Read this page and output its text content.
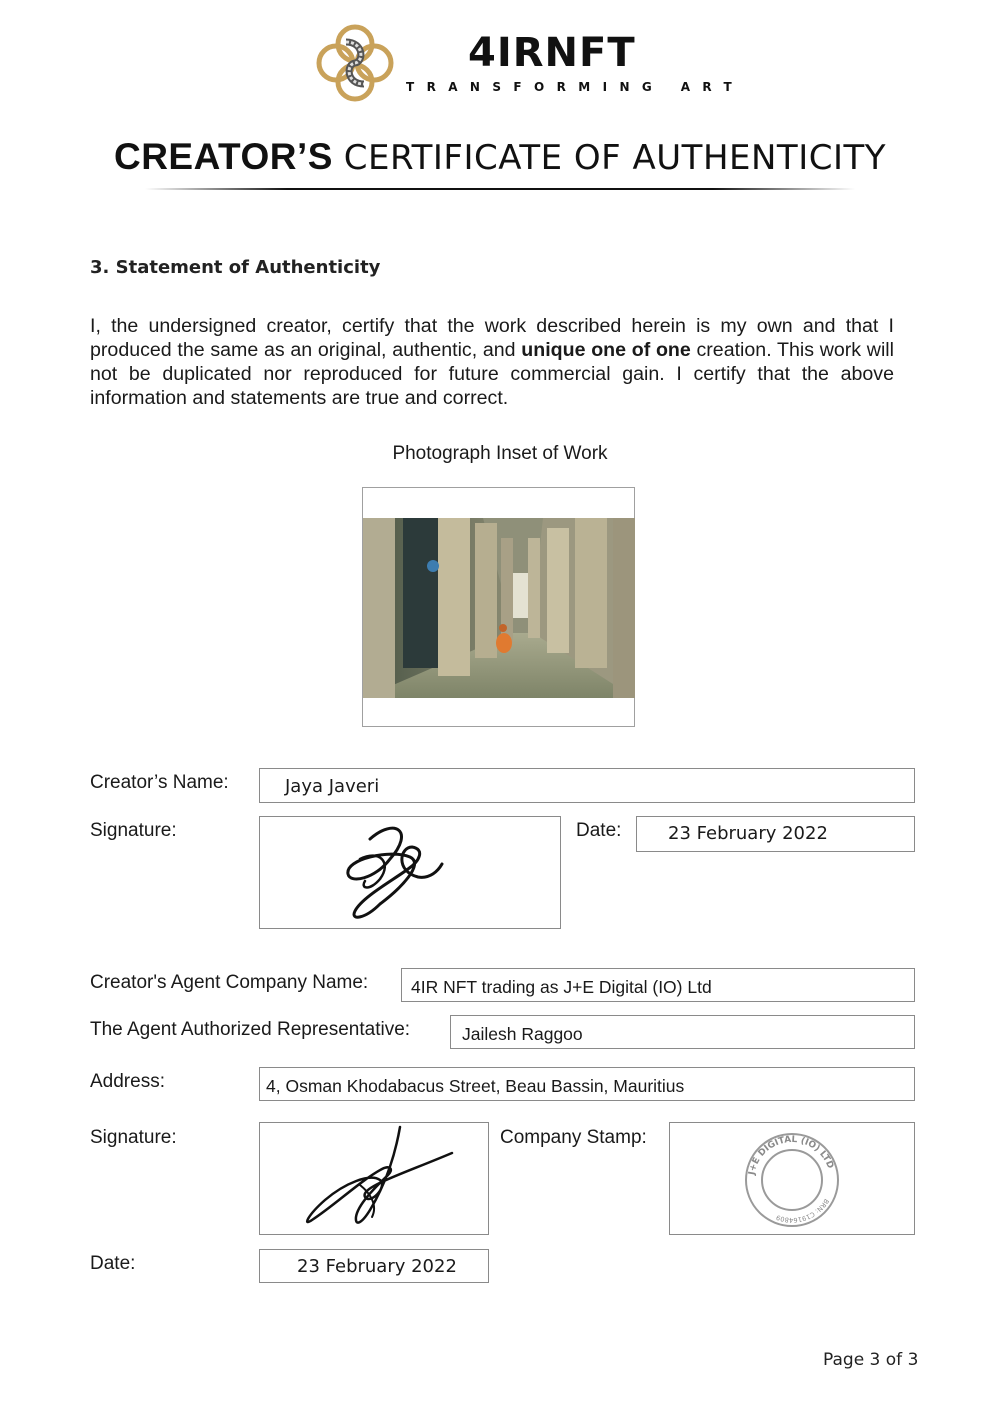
4IRNFT
TRANSFORMING ART
CREATOR’S CERTIFICATE OF AUTHENTICITY
3. Statement of Authenticity
I, the undersigned creator, certify that the work described herein is my own and that I produced the same as an original, authentic, and unique one of one creation. This work will not be duplicated nor reproduced for future commercial gain. I certify that the above information and statements are true and correct.
Photograph Inset of Work
Creator’s Name:	Jaya Javeri
Signature:	Date:	23 February 2022
Creator's Agent Company Name: 4IR NFT trading as J+E Digital (IO) Ltd
The Agent Authorized Representative:	Jailesh Raggoo
Address:	4, Osman Khodabacus Street, Beau Bassin, Mauritius
Signature:	Company Stamp:
J+E DIGITAL (IO) LTD
BRN: C19164809
Date:	23 February 2022
Page 3 of 3
